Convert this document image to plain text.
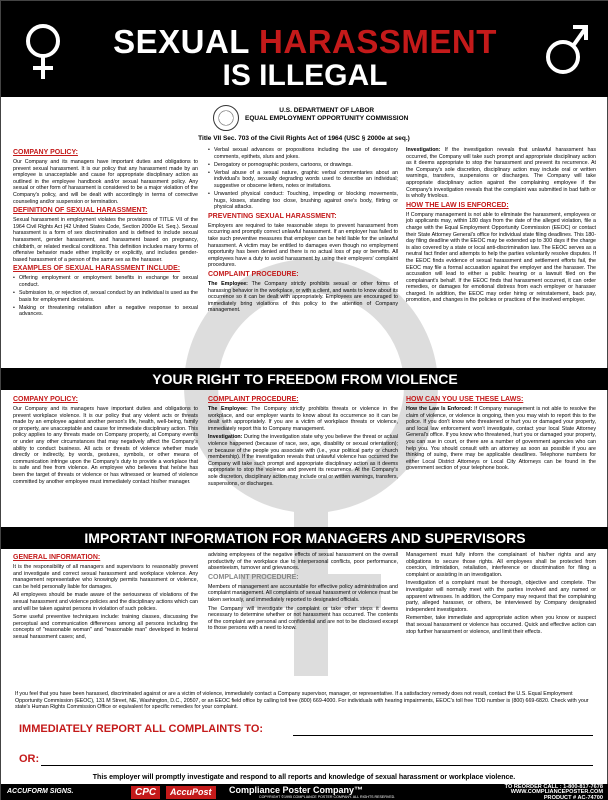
SEXUAL HARASSMENT
IS ILLEGAL
U.S. DEPARTMENT OF LABOR
EQUAL EMPLOYMENT OPPORTUNITY COMMISSION
Title VII Sec. 703 of the Civil Rights Act of 1964 (USC § 2000e at seq.)
COMPANY POLICY:

Our Company and its managers have important duties and obligations to prevent sexual harassment. It is our policy that any harassment made by an employee is unacceptable and cause for appropriate disciplinary action as outlined in the employee handbook and/or sexual harassment policy. Any sexual or other form of harassment is considered to be a major violation of the Company's policy, and will be dealt with accordingly in terms of corrective counseling and/or suspension or termination.

DEFINITION OF SEXUAL HARASSMENT:

Sexual harassment in employment violates the provisions of TITLE VII of the 1964 Civil Rights Act (42 United States Code, Section 2000e Et. Seq.). Sexual harassment is a form of sex discrimination and is defined to include sexual harassment, gender harassment, and harassment based on pregnancy, childbirth, or related medical conditions. This definition includes many forms of offensive behavior made either implicitly or explicitly, and includes gender-based harassment of a person of the same sex as the harasser.

EXAMPLES OF SEXUAL HARASSMENT INCLUDE:
• Offering employment or employment benefits in exchange for sexual conduct.
• Submission to, or rejection of, sexual conduct by an individual is used as the basis for employment decisions.
• Making or threatening retaliation after a negative response to sexual advances.
• Verbal sexual advances or propositions including the use of derogatory comments, epithets, slurs and jokes.
• Derogatory or pornographic posters, cartoons, or drawings.
• Verbal abuse of a sexual nature, graphic verbal commentaries about an individual's body, sexually degrading words used to describe an individual; suggestive or obscene letters, notes or invitations.
• Unwanted physical conduct: Touching, impeding or blocking movements, hugs, kisses, standing too close, brushing against one's body, flirting or physical attacks.
PREVENTING SEXUAL HARASSMENT:

Employers are required to take reasonable steps to prevent harassment from occurring and promptly correct unlawful harassment. If an employer has failed to take such preventive measures that employer can be held liable for the unlawful harassment. A victim may be entitled to damages even though no employment opportunity has been denied and there is no actual loss of pay or benefits. All employees have a duty to avoid harassment by using their employers' complaint procedures.

COMPLAINT PROCEDURE:

The Employee: The Company strictly prohibits sexual or other forms of harassing behavior in the workplace, or with a client, and wants to know about its occurrence so it can be dealt with appropriately. Employees are encouraged to immediately bring violations of this policy to the attention of Company management.

Investigation: If the investigation reveals that unlawful harassment has occurred, the Company will take such prompt and appropriate disciplinary action as it deems appropriate to stop the harassment and prevent its recurrence. At the Company's sole discretion, disciplinary action may include oral or written warnings, transfers, suspensions or discharges. The Company will take appropriate disciplinary action against the complaining employee if the Company's investigation reveals that the complaint was submitted in bad faith or is wholly frivolous.

HOW THE LAW IS ENFORCED:

If Company management is not able to eliminate the harassment, employees or job applicants may, within 180 days from the date of the alleged violation, file a charge with the Equal Employment Opportunity Commission (EEOC) or contact their State Attorney General's office for individual state filing deadlines. This 180-day filing deadline with the EEOC may be extended up to 300 days if the charge is also covered by a state or local anti-discrimination law. The EEOC serves as a neutral fact finder and attempts to help the parties voluntarily resolve disputes. If the EEOC finds evidence of sexual harassment and settlement efforts fail, the EEOC may file a formal accusation against the employer and the harasser. The accusation will lead to either a public hearing or a lawsuit filed on the complainant's behalf. If the EEOC finds that harassment occurred, it can order remedies, or damages for emotional distress from each employer or harasser charged. In addition, the EEOC may order hiring or reinstatement, back pay, promotion, and changes in the policies or practices of the involved employer.

YOUR RIGHT TO FREEDOM FROM VIOLENCE
COMPANY POLICY:

Our Company and its managers have important duties and obligations to prevent workplace violence. It is our policy that any violent acts or threats made by an employee against another person's life, health, well-being, family or property, are unacceptable and cause for immediate disciplinary action. This policy applies to any threats made on Company property, at Company events or under any other circumstances that may negatively affect the Company's ability to conduct business. All acts or threats of violence whether made directly or indirectly, by words, gestures, symbols, or other means of communication infringe upon the Company's duty to provide a workplace that is safe and free from violence. An employee who believes that he/she has been the target of threats or violence or has witnessed or learned of violence committed by another employee must immediately contact his/her manager.

COMPLAINT PROCEDURE:

The Employee: The Company strictly prohibits threats or violence in the workplace, and our employer wants to know about its occurrence so it can be dealt with appropriately. If you are a victim of workplace threats or violence, immediately report this to Company management.

Investigation: During the investigation state why you believe the threat or actual violence happened (because of race, sex, age, disability or sexual orientation); or because of the people you associate with (i.e., your political party or church membership). If the investigation reveals that unlawful violence has occurred the Company will take such prompt and appropriate disciplinary action as it deems appropriate to stop the violence and prevent its recurrence. At the Company's sole discretion, disciplinary action may include oral or written warnings, transfers, suspensions, or discharges.

HOW CAN YOU USE THESE LAWS:

How the Law Is Enforced: If Company management is not able to resolve the claim of violence, or violence is ongoing, then you may wish to report this to the police. If you don't know who threatened or hurt you or damaged your property, and local law enforcement won't investigate, contact your local State Attorney General's office. If you know who threatened, hurt you or damaged your property, you can sue in court, or there are a number of government agencies who can help you. You should consult with an attorney as soon as possible if you are thinking of suing, there may be applicable deadlines. Telephone numbers for either Local District Attorneys or Local City Attorneys can be found in the government section of your telephone book.

IMPORTANT INFORMATION FOR MANAGERS AND SUPERVISORS
GENERAL INFORMATION:

It is the responsibility of all managers and supervisors to reasonably prevent and investigate and correct sexual harassment and workplace violence. Any management representative who knowingly permits harassment or violence, can be held personally liable for damages.

All employees should be made aware of the seriousness of violations of the sexual harassment and violence policies and the disciplinary actions which can and will be taken against persons in violation of such policies.

Some useful preventive techniques include: training classes, discussing the perceptual and communication differences among all persons including the concepts of "reasonable woman" and "reasonable man" developed in federal sexual harassment cases; and,

advising employees of the negative effects of sexual harassment on the overall productivity of the workplace due to interpersonal conflicts, poor performance, absenteeism, turnover and grievances.

COMPLAINT PROCEDURE:

Members of management are accountable for effective policy administration and complaint management. All complaints of sexual harassment or violence must be taken seriously, and immediately reported to designated officials.

The Company will investigate the complaint or take other steps it deems necessary to determine whether or not harassment has occurred. The contents of the complaint are personal and confidential and are not to be disclosed except to those persons with a need to know.

Management must fully inform the complainant of his/her rights and any obligations to secure those rights. All employees shall be protected from coercion, intimidation, retaliation, interference or discrimination for filing a complaint or assisting in an investigation.

Investigation of a complaint must be thorough, objective and complete. The investigator will normally meet with the parties involved and any named or apparent witnesses. In addition, the Company may request that the complaining party, alleged harasser, or others, be interviewed by Company designated independent investigators.

Remember, take immediate and appropriate action when you know or suspect that sexual harassment or violence has occurred. Quick and effective action can stop further harassment or violence, and limit their effects.

If you feel that you have been harassed, discriminated against or are a victim of violence, immediately contact a Company supervisor, manager, or representative. If a satisfactory remedy does not result, contact the U.S. Equal Employment Opportunity Commission (EEOC), 131 M Street, NE, Washington, D.C., 20507, or an EEOC field office by calling toll free (800) 669-4000. For individuals with hearing impairments, EEOC's toll free TDD number is (800) 669-6820. Check with your state's Human Rights Commission Office or equivalent for specific remedies for your complaint.
IMMEDIATELY REPORT ALL COMPLAINTS TO:
OR:
This employer will promptly investigate and respond to all reports and knowledge of sexual harassment or workplace violence.
ACCUFORM SIGNS.	CPC	AccuPost	Compliance Poster Company™
COPYRIGHT ©1995 COMPLIANCE POSTER COMPANY. ALL RIGHTS RESERVED.
TO REORDER CALL : 1-800-817-7678
WWW.COMPLIANCEPOSTER.COM
PRODUCT # AC-74700
